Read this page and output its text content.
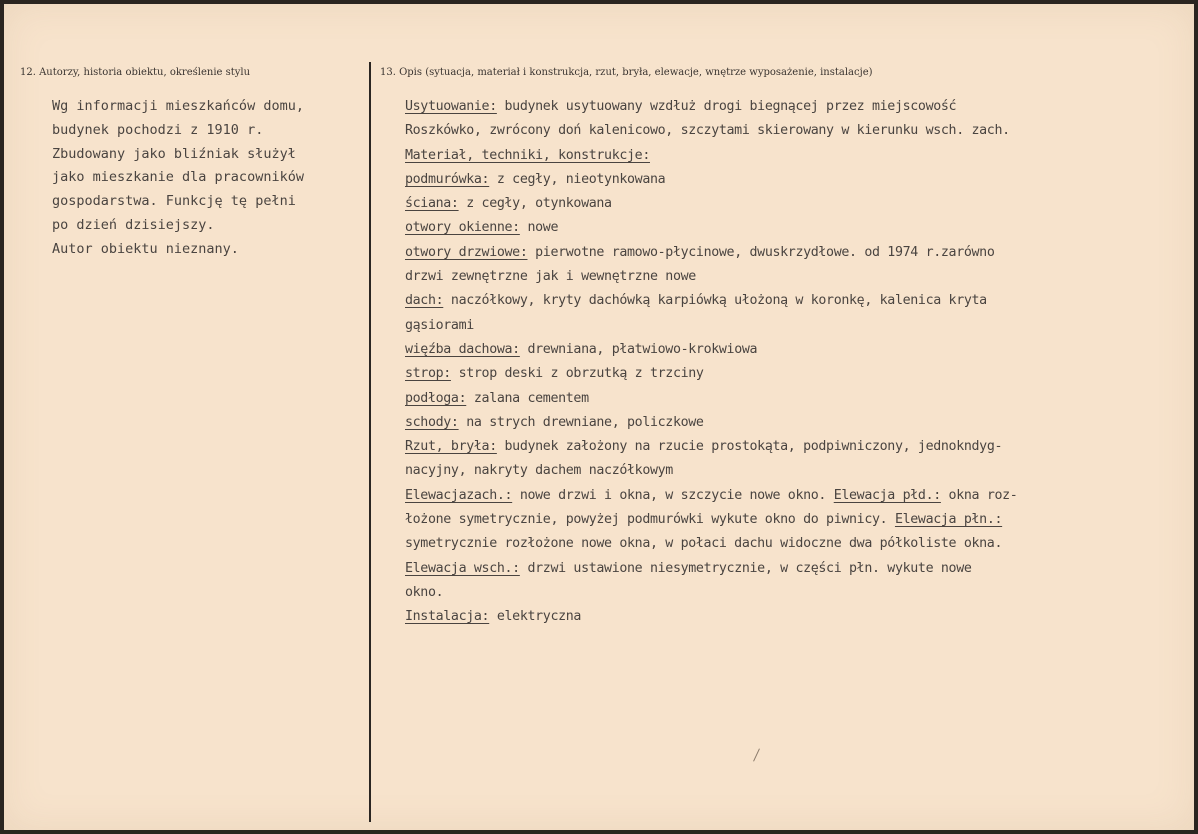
12. Autorzy, historia obiektu, określenie stylu	13. Opis (sytuacja, materiał i konstrukcja, rzut, bryła, elewacje, wnętrze wyposażenie, instalacje)
Wg informacji mieszkańców domu,
budynek pochodzi z 1910 r.
Zbudowany jako bliźniak służył
jako mieszkanie dla pracowników
gospodarstwa. Funkcję tę pełni
po dzień dzisiejszy.
Autor obiektu nieznany.
Usytuowanie: budynek usytuowany wzdłuż drogi biegnącej przez miejscowość
Roszkówko, zwrócony doń kalenicowo, szczytami skierowany w kierunku wsch. zach.
Materiał, techniki, konstrukcje:
podmurówka: z cegły, nieotynkowana
ściana: z cegły, otynkowana
otwory okienne: nowe
otwory drzwiowe: pierwotne ramowo-płycinowe, dwuskrzydłowe. od 1974 r.zarówno
drzwi zewnętrzne jak i wewnętrzne nowe
dach: naczółkowy, kryty dachówką karpiówką ułożoną w koronkę, kalenica kryta
gąsiorami
więźba dachowa: drewniana, płatwiowo-krokwiowa
strop: strop deski z obrzutką z trzciny
podłoga: zalana cementem
schody: na strych drewniane, policzkowe
Rzut, bryła: budynek założony na rzucie prostokąta, podpiwniczony, jednokndyg-
nacyjny, nakryty dachem naczółkowym
Elewacjazach.: nowe drzwi i okna, w szczycie nowe okno. Elewacja płd.: okna roz-
łożone symetrycznie, powyżej podmurówki wykute okno do piwnicy. Elewacja płn.:
symetrycznie rozłożone nowe okna, w połaci dachu widoczne dwa półkoliste okna.
Elewacja wsch.: drzwi ustawione niesymetrycznie, w części płn. wykute nowe
okno.
Instalacja: elektryczna
